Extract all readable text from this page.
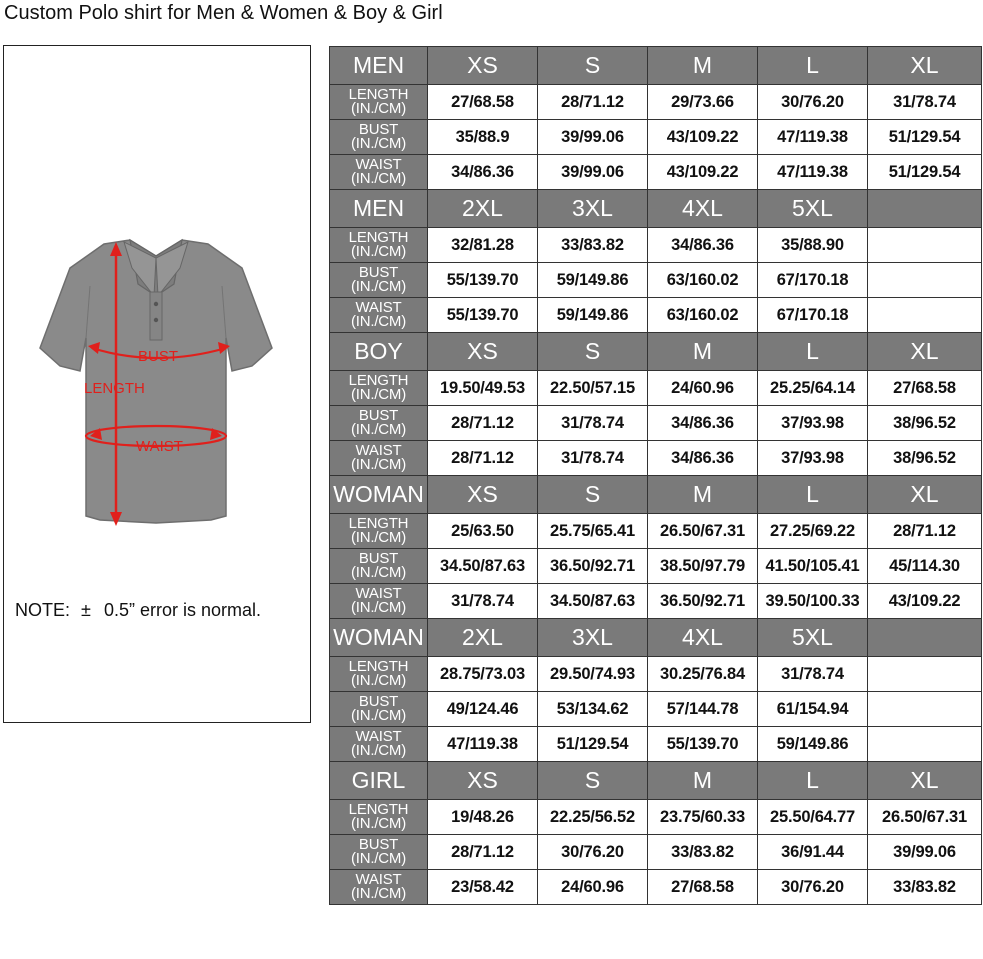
Custom Polo shirt for Men & Women & Boy & Girl
BUST
LENGTH
WAIST
NOTE: ± 0.5” error is normal.
MEN	XS	S	M	L	XL

LENGTH
(IN./CM)	27/68.58	28/71.12	29/73.66	30/76.20	31/78.74

BUST
(IN./CM)	35/88.9	39/99.06	43/109.22	47/119.38	51/129.54

WAIST
(IN./CM)	34/86.36	39/99.06	43/109.22	47/119.38	51/129.54
MEN	2XL	3XL	4XL	5XL	

LENGTH
(IN./CM)	32/81.28	33/83.82	34/86.36	35/88.90	

BUST
(IN./CM)	55/139.70	59/149.86	63/160.02	67/170.18	

WAIST
(IN./CM)	55/139.70	59/149.86	63/160.02	67/170.18	
BOY	XS	S	M	L	XL

LENGTH
(IN./CM)	19.50/49.53	22.50/57.15	24/60.96	25.25/64.14	27/68.58

BUST
(IN./CM)	28/71.12	31/78.74	34/86.36	37/93.98	38/96.52

WAIST
(IN./CM)	28/71.12	31/78.74	34/86.36	37/93.98	38/96.52
WOMAN	XS	S	M	L	XL

LENGTH
(IN./CM)	25/63.50	25.75/65.41	26.50/67.31	27.25/69.22	28/71.12

BUST
(IN./CM)	34.50/87.63	36.50/92.71	38.50/97.79	41.50/105.41	45/114.30

WAIST
(IN./CM)	31/78.74	34.50/87.63	36.50/92.71	39.50/100.33	43/109.22
WOMAN	2XL	3XL	4XL	5XL	

LENGTH
(IN./CM)	28.75/73.03	29.50/74.93	30.25/76.84	31/78.74	

BUST
(IN./CM)	49/124.46	53/134.62	57/144.78	61/154.94	

WAIST
(IN./CM)	47/119.38	51/129.54	55/139.70	59/149.86	
GIRL	XS	S	M	L	XL

LENGTH
(IN./CM)	19/48.26	22.25/56.52	23.75/60.33	25.50/64.77	26.50/67.31

BUST
(IN./CM)	28/71.12	30/76.20	33/83.82	36/91.44	39/99.06

WAIST
(IN./CM)	23/58.42	24/60.96	27/68.58	30/76.20	33/83.82
